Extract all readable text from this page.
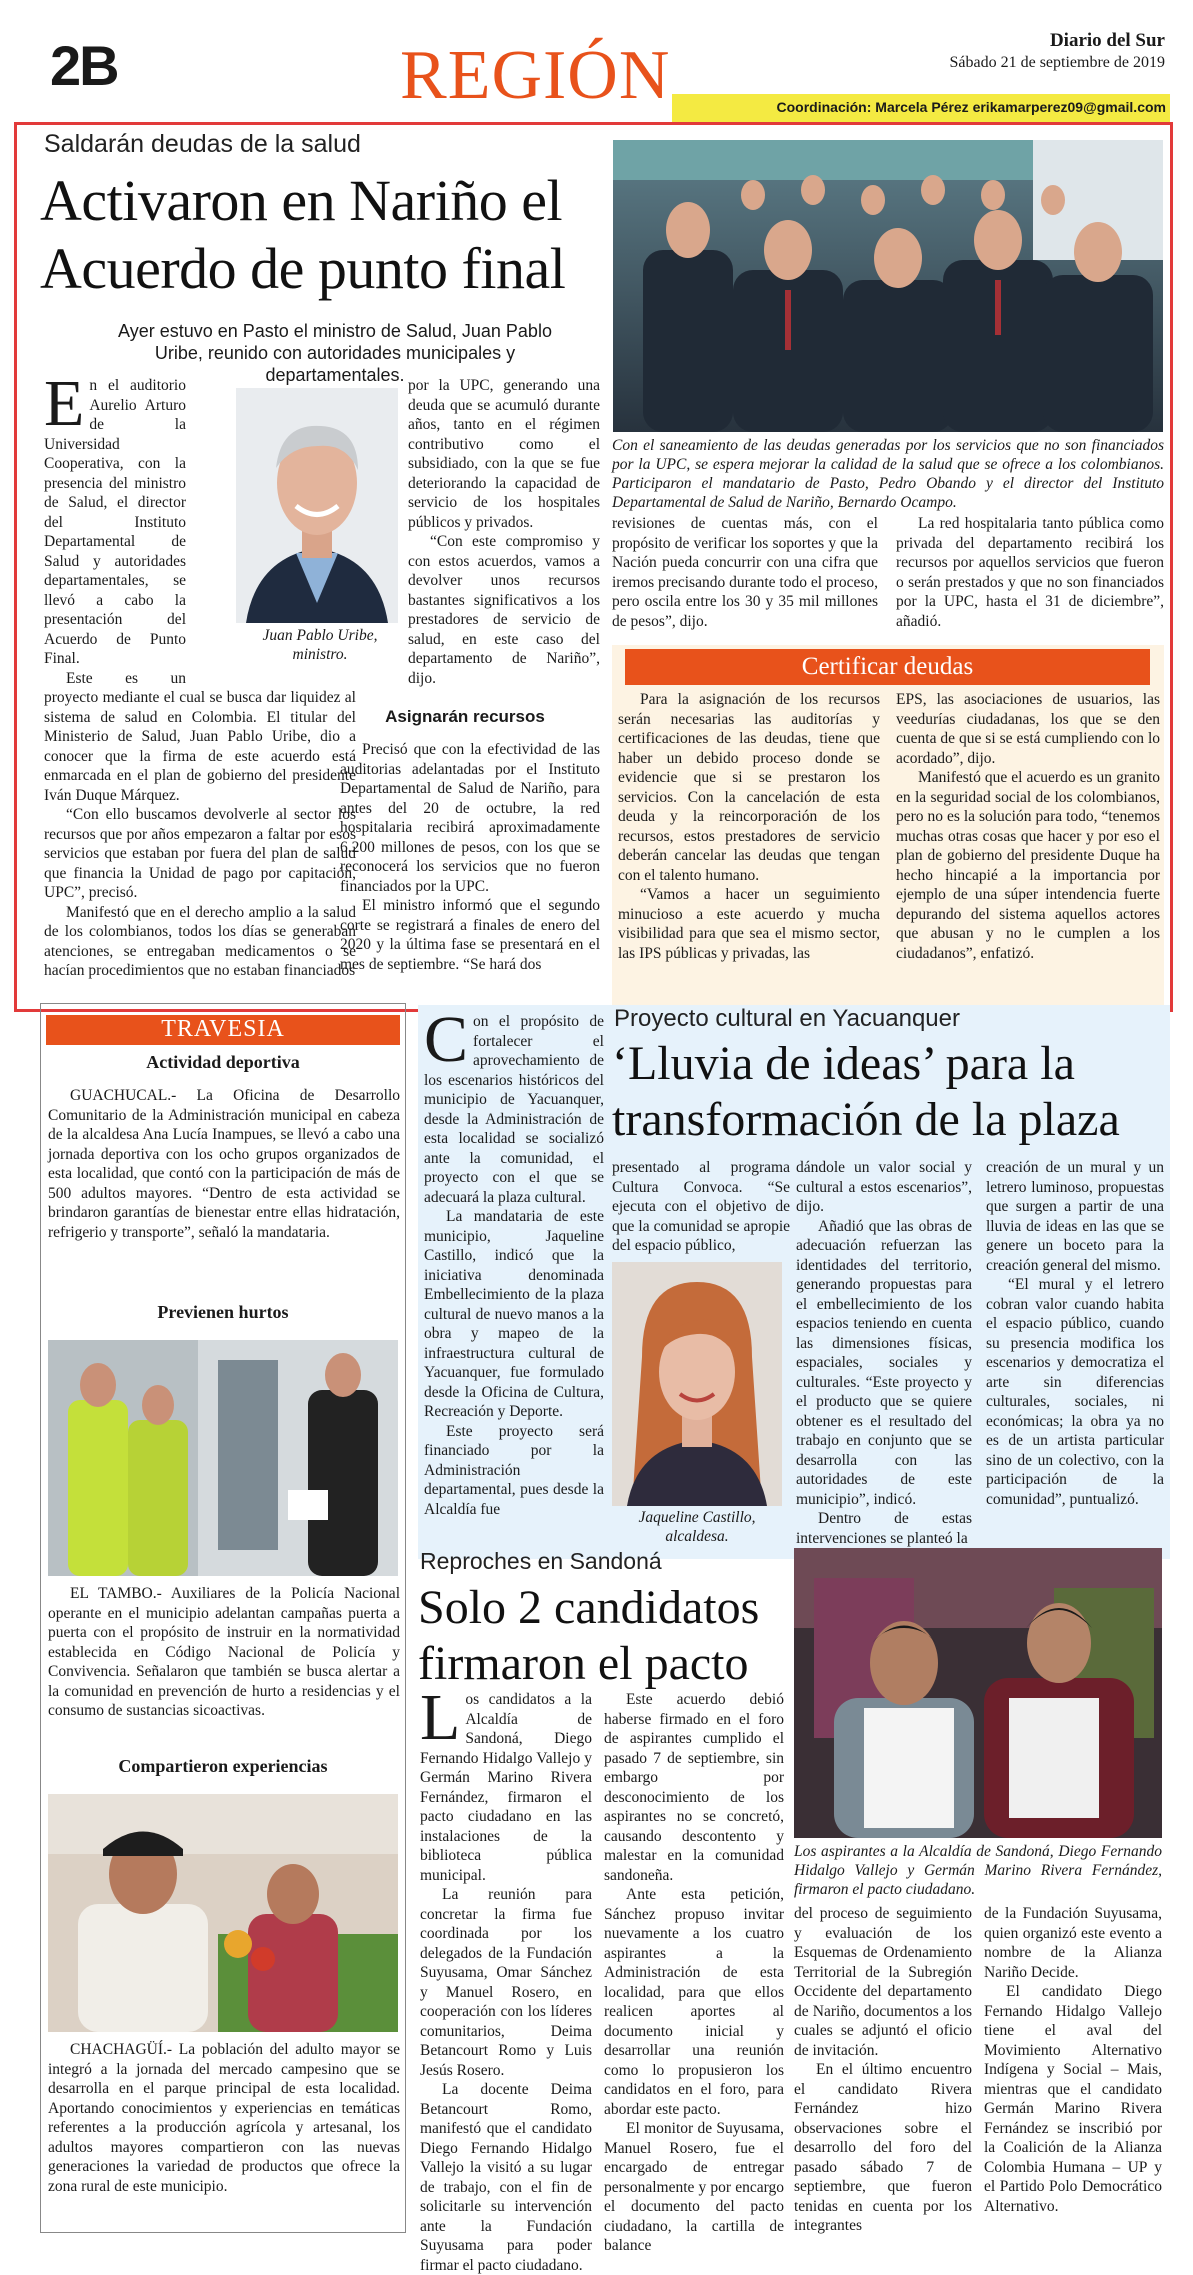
2B	REGIÓN	Diario del Sur
Sábado 21 de septiembre de 2019
Coordinación: Marcela Pérez erikamarperez09@gmail.com
Saldarán deudas de la salud
Activaron en Nariño el Acuerdo de punto final
Ayer estuvo en Pasto el ministro de Salud, Juan Pablo Uribe, reunido con autoridades municipales y departamentales.

En el auditorio Aurelio Arturo de la Universidad Cooperativa, con la presencia del ministro de Salud, el director del Instituto Departamental de Salud y autoridades departamentales, se llevó a cabo la presentación del Acuerdo de Punto Final.

Este es un proyecto mediante el cual se busca dar liquidez al sistema de salud en Colombia. El titular del Ministerio de Salud, Juan Pablo Uribe, dio a conocer que la firma de este acuerdo está enmarcada en el plan de gobierno del presidente Iván Duque Márquez.

“Con ello buscamos devolverle al sector los recursos que por años empezaron a faltar por esos servicios que estaban por fuera del plan de salud que financia la Unidad de pago por capitación, UPC”, precisó.

Manifestó que en el derecho amplio a la salud de los colombianos, todos los días se generaban atenciones, se entregaban medicamentos o se hacían procedimientos que no estaban financiados

Juan Pablo Uribe, ministro.

por la UPC, generando una deuda que se acumuló durante años, tanto en el régimen contributivo como el subsidiado, con la que se fue deteriorando la capacidad de servicio de los hospitales públicos y privados.

“Con este compromiso y con estos acuerdos, vamos a devolver unos recursos bastantes significativos a los prestadores de servicio de salud, en este caso del departamento de Nariño”, dijo.

Asignarán recursos

Precisó que con la efectividad de las auditorias adelantadas por el Instituto Departamental de Salud de Nariño, para antes del 20 de octubre, la red hospitalaria recibirá aproximadamente 6.200 millones de pesos, con los que se reconocerá los servicios que no fueron financiados por la UPC.

El ministro informó que el segundo corte se registrará a finales de enero del 2020 y la última fase se presentará en el mes de septiembre. “Se hará dos

Con el saneamiento de las deudas generadas por los servicios que no son financiados por la UPC, se espera mejorar la calidad de la salud que se ofrece a los colombianos. Participaron el mandatario de Pasto, Pedro Obando y el director del Instituto Departamental de Salud de Nariño, Bernardo Ocampo.

revisiones de cuentas más, con el propósito de verificar los soportes y que la Nación pueda concurrir con una cifra que iremos precisando durante todo el proceso, pero oscila entre los 30 y 35 mil millones de pesos”, dijo.

La red hospitalaria tanto pública como privada del departamento recibirá los recursos por aquellos servicios que fueron o serán prestados y que no son financiados por la UPC, hasta el 31 de diciembre”, añadió.

Certificar deudas

Para la asignación de los recursos serán necesarias las auditorías y certificaciones de las deudas, tiene que haber un debido proceso donde se evidencie que si se prestaron los servicios. Con la cancelación de esta deuda y la reincorporación de los recursos, estos prestadores de servicio deberán cancelar las deudas que tengan con el talento humano.

“Vamos a hacer un seguimiento minucioso a este acuerdo y mucha visibilidad para que sea el mismo sector, las IPS públicas y privadas, las

EPS, las asociaciones de usuarios, las veedurías ciudadanas, los que se den cuenta de que si se está cumpliendo con lo acordado”, dijo.

Manifestó que el acuerdo es un granito en la seguridad social de los colombianos, pero no es la solución para todo, “tenemos muchas otras cosas que hacer y por eso el plan de gobierno del presidente Duque ha hecho hincapié a la importancia por ejemplo de una súper intendencia fuerte depurando del sistema aquellos actores que abusan y no le cumplen a los ciudadanos”, enfatizó.

TRAVESIA
Actividad deportiva

GUACHUCAL.- La Oficina de Desarrollo Comunitario de la Administración municipal en cabeza de la alcaldesa Ana Lucía Inampues, se llevó a cabo una jornada deportiva con los ocho grupos organizados de esta localidad, que contó con la participación de más de 500 adultos mayores. “Dentro de esta actividad se brindaron garantías de bienestar entre ellas hidratación, refrigerio y transporte”, señaló la mandataria.

Previenen hurtos

EL TAMBO.- Auxiliares de la Policía Nacional operante en el municipio adelantan campañas puerta a puerta con el propósito de instruir en la normatividad establecida en Código Nacional de Policía y Convivencia. Señalaron que también se busca alertar a la comunidad en prevención de hurto a residencias y el consumo de sustancias sicoactivas.

Compartieron experiencias

CHACHAGÜÍ.- La población del adulto mayor se integró a la jornada del mercado campesino que se desarrolla en el parque principal de esta localidad. Aportando conocimientos y experiencias en temáticas referentes a la producción agrícola y artesanal, los adultos mayores compartieron con las nuevas generaciones la variedad de productos que ofrece la zona rural de este municipio.

Proyecto cultural en Yacuanquer
‘Lluvia de ideas’ para la transformación de la plaza

Con el propósito de fortalecer el aprovechamiento de los escenarios históricos del municipio de Yacuanquer, desde la Administración de esta localidad se socializó ante la comunidad, el proyecto con el que se adecuará la plaza cultural.

La mandataria de este municipio, Jaqueline Castillo, indicó que la iniciativa denominada Embellecimiento de la plaza cultural de nuevo manos a la obra y mapeo de la infraestructura cultural de Yacuanquer, fue formulado desde la Oficina de Cultura, Recreación y Deporte.

Este proyecto será financiado por la Administración departamental, pues desde la Alcaldía fue

presentado al programa Cultura Convoca. “Se ejecuta con el objetivo de que la comunidad se apropie del espacio público,

Jaqueline Castillo, alcaldesa.

dándole un valor social y cultural a estos escenarios”, dijo.

Añadió que las obras de adecuación refuerzan las identidades del territorio, generando propuestas para el embellecimiento de los espacios teniendo en cuenta las dimensiones físicas, espaciales, sociales y culturales. “Este proyecto y el producto que se quiere obtener es el resultado del trabajo en conjunto que se desarrolla con las autoridades de este municipio”, indicó.

Dentro de estas intervenciones se planteó la

creación de un mural y un letrero luminoso, propuestas que surgen a partir de una lluvia de ideas en las que se genere un boceto para la creación general del mismo.

“El mural y el letrero cobran valor cuando habita el espacio público, cuando su presencia modifica los escenarios y democratiza el arte sin diferencias culturales, sociales, ni económicas; la obra ya no es de un artista particular sino de un colectivo, con la participación de la comunidad”, puntualizó.

Reproches en Sandoná
Solo 2 candidatos firmaron el pacto

Los candidatos a la Alcaldía de Sandoná, Diego Fernando Hidalgo Vallejo y Germán Marino Rivera Fernández, firmaron el pacto ciudadano en las instalaciones de la biblioteca pública municipal.

La reunión para concretar la firma fue coordinada por los delegados de la Fundación Suyusama, Omar Sánchez y Manuel Rosero, en cooperación con los líderes comunitarios, Deima Betancourt Romo y Luis Jesús Rosero.

La docente Deima Betancourt Romo, manifestó que el candidato Diego Fernando Hidalgo Vallejo la visitó a su lugar de trabajo, con el fin de solicitarle su intervención ante la Fundación Suyusama para poder firmar el pacto ciudadano.

Este acuerdo debió haberse firmado en el foro de aspirantes cumplido el pasado 7 de septiembre, sin embargo por desconocimiento de los aspirantes no se concretó, causando descontento y malestar en la comunidad sandoneña.

Ante esta petición, Sánchez propuso invitar nuevamente a los cuatro aspirantes a la Administración de esta localidad, para que ellos realicen aportes al documento inicial y desarrollar una reunión como lo propusieron los candidatos en el foro, para abordar este pacto.

El monitor de Suyusama, Manuel Rosero, fue el encargado de entregar personalmente y por encargo el documento del pacto ciudadano, la cartilla de balance

Los aspirantes a la Alcaldía de Sandoná, Diego Fernando Hidalgo Vallejo y Germán Marino Rivera Fernández, firmaron el pacto ciudadano.

del proceso de seguimiento y evaluación de los Esquemas de Ordenamiento Territorial de la Subregión Occidente del departamento de Nariño, documentos a los cuales se adjuntó el oficio de invitación.

En el último encuentro el candidato Rivera Fernández hizo observaciones sobre el desarrollo del foro del pasado sábado 7 de septiembre, que fueron tenidas en cuenta por los integrantes

de la Fundación Suyusama, quien organizó este evento a nombre de la Alianza Nariño Decide.

El candidato Diego Fernando Hidalgo Vallejo tiene el aval del Movimiento Alternativo Indígena y Social – Mais, mientras que el candidato Germán Marino Rivera Fernández se inscribió por la Coalición de la Alianza Colombia Humana – UP y el Partido Polo Democrático Alternativo.
